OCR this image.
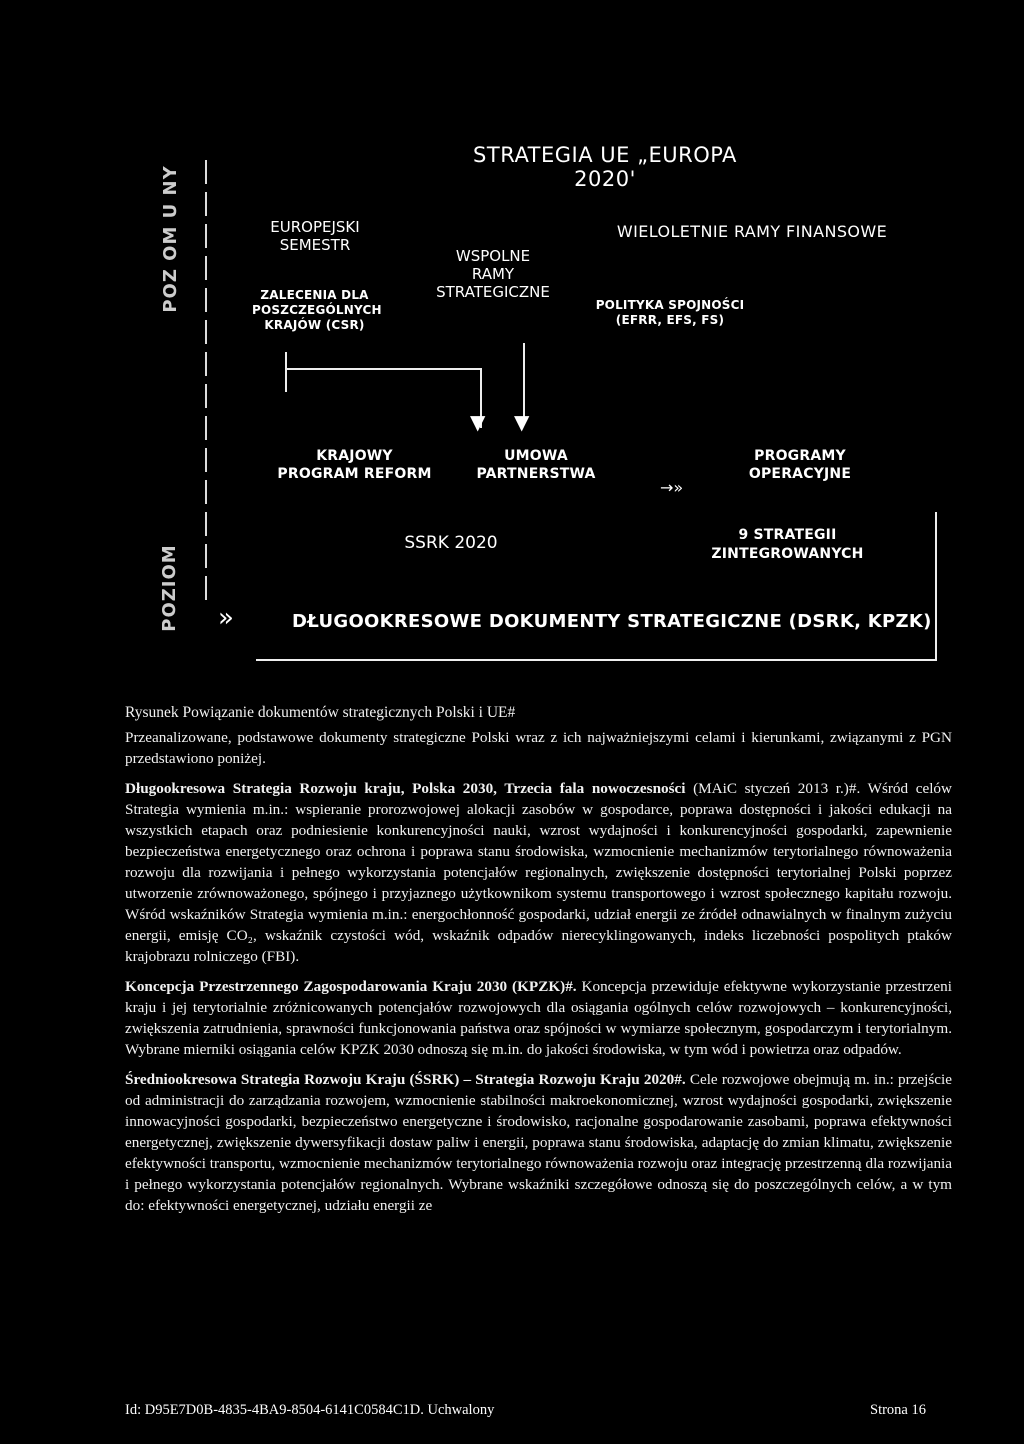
STRATEGIA UE „EUROPA 2020'
POZ OM U NY
POZIOM
EUROPEJSKI
SEMESTR
ZALECENIA DLA
POSZCZEGÓLNYCH
KRAJÓW (CSR)
WSPOLNE
RAMY
STRATEGICZNE
WIELOLETNIE RAMY FINANSOWE
POLITYKA SPOJNOŚCI
(EFRR, EFS, FS)
▼ ▼
KRAJOWY
PROGRAM REFORM
UMOWA
PARTNERSTWA
PROGRAMY
OPERACYJNE
→»
SSRK 2020	9 STRATEGII
ZINTEGROWANYCH
»	DŁUGOOKRESOWE DOKUMENTY STRATEGICZNE (DSRK, KPZK)
Rysunek Powiązanie dokumentów strategicznych Polski i UE#

Przeanalizowane, podstawowe dokumenty strategiczne Polski wraz z ich najważniejszymi celami i kierunkami, związanymi z PGN przedstawiono poniżej.

Długookresowa Strategia Rozwoju kraju, Polska 2030, Trzecia fala nowoczesności (MAiC styczeń 2013 r.)#. Wśród celów Strategia wymienia m.in.: wspieranie prorozwojowej alokacji zasobów w gospodarce, poprawa dostępności i jakości edukacji na wszystkich etapach oraz podniesienie konkurencyjności nauki, wzrost wydajności i konkurencyjności gospodarki, zapewnienie bezpieczeństwa energetycznego oraz ochrona i poprawa stanu środowiska, wzmocnienie mechanizmów terytorialnego równoważenia rozwoju dla rozwijania i pełnego wykorzystania potencjałów regionalnych, zwiększenie dostępności terytorialnej Polski poprzez utworzenie zrównoważonego, spójnego i przyjaznego użytkownikom systemu transportowego i wzrost społecznego kapitału rozwoju. Wśród wskaźników Strategia wymienia m.in.: energochłonność gospodarki, udział energii ze źródeł odnawialnych w finalnym zużyciu energii, emisję CO₂, wskaźnik czystości wód, wskaźnik odpadów nierecyklingowanych, indeks liczebności pospolitych ptaków krajobrazu rolniczego (FBI).

Koncepcja Przestrzennego Zagospodarowania Kraju 2030 (KPZK)#. Koncepcja przewiduje efektywne wykorzystanie przestrzeni kraju i jej terytorialnie zróżnicowanych potencjałów rozwojowych dla osiągania ogólnych celów rozwojowych – konkurencyjności, zwiększenia zatrudnienia, sprawności funkcjonowania państwa oraz spójności w wymiarze społecznym, gospodarczym i terytorialnym. Wybrane mierniki osiągania celów KPZK 2030 odnoszą się m.in. do jakości środowiska, w tym wód i powietrza oraz odpadów.

Średniookresowa Strategia Rozwoju Kraju (ŚSRK) – Strategia Rozwoju Kraju 2020#. Cele rozwojowe obejmują m. in.: przejście od administracji do zarządzania rozwojem, wzmocnienie stabilności makroekonomicznej, wzrost wydajności gospodarki, zwiększenie innowacyjności gospodarki, bezpieczeństwo energetyczne i środowisko, racjonalne gospodarowanie zasobami, poprawa efektywności energetycznej, zwiększenie dywersyfikacji dostaw paliw i energii, poprawa stanu środowiska, adaptację do zmian klimatu, zwiększenie efektywności transportu, wzmocnienie mechanizmów terytorialnego równoważenia rozwoju oraz integrację przestrzenną dla rozwijania i pełnego wykorzystania potencjałów regionalnych. Wybrane wskaźniki szczegółowe odnoszą się do poszczególnych celów, a w tym do: efektywności energetycznej, udziału energii ze

Id: D95E7D0B-4835-4BA9-8504-6141C0584C1D. Uchwalony	Strona 16
